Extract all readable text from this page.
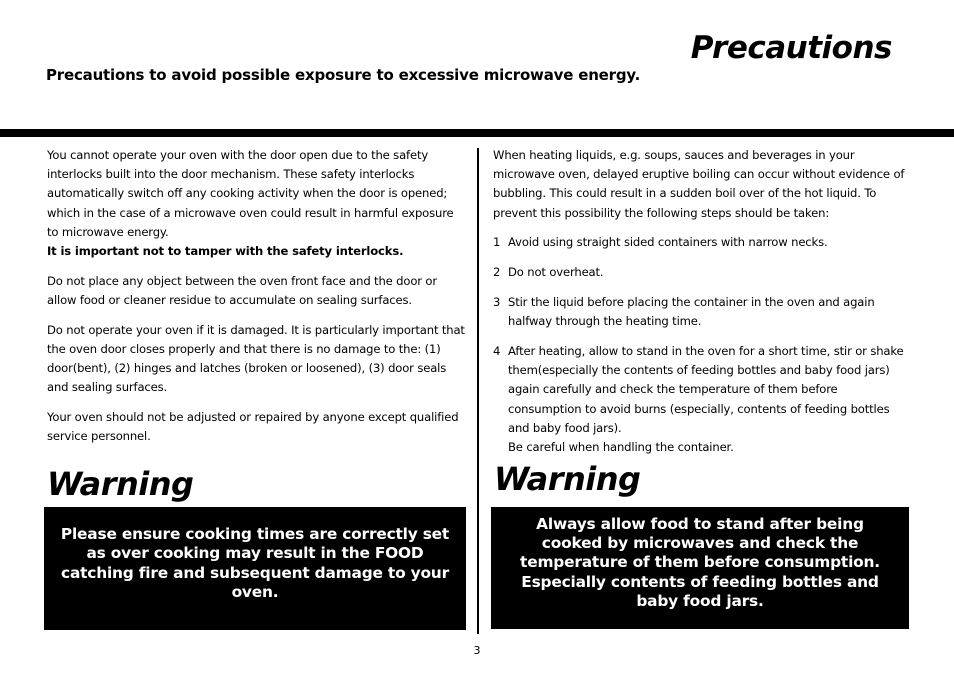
Precautions
Precautions to avoid possible exposure to excessive microwave energy.

You cannot operate your oven with the door open due to the safety interlocks built into the door mechanism. These safety interlocks automatically switch off any cooking activity when the door is opened; which in the case of a microwave oven could result in harmful exposure to microwave energy.

It is important not to tamper with the safety interlocks.

Do not place any object between the oven front face and the door or allow food or cleaner residue to accumulate on sealing surfaces.

Do not operate your oven if it is damaged. It is particularly important that the oven door closes properly and that there is no damage to the: (1) door(bent), (2) hinges and latches (broken or loosened), (3) door seals and sealing surfaces.

Your oven should not be adjusted or repaired by anyone except qualified service personnel.

When heating liquids, e.g. soups, sauces and beverages in your microwave oven, delayed eruptive boiling can occur without evidence of bubbling. This could result in a sudden boil over of the hot liquid. To prevent this possibility the following steps should be taken:

1 Avoid using straight sided containers with narrow necks.
2 Do not overheat.
3 Stir the liquid before placing the container in the oven and again halfway through the heating time.
4 After heating, allow to stand in the oven for a short time, stir or shake them(especially the contents of feeding bottles and baby food jars) again carefully and check the temperature of them before consumption to avoid burns (especially, contents of feeding bottles and baby food jars).
Be careful when handling the container.
Warning
Please ensure cooking times are correctly set as over cooking may result in the FOOD catching fire and subsequent damage to your oven.
Warning
Always allow food to stand after being cooked by microwaves and check the temperature of them before consumption. Especially contents of feeding bottles and baby food jars.
3
